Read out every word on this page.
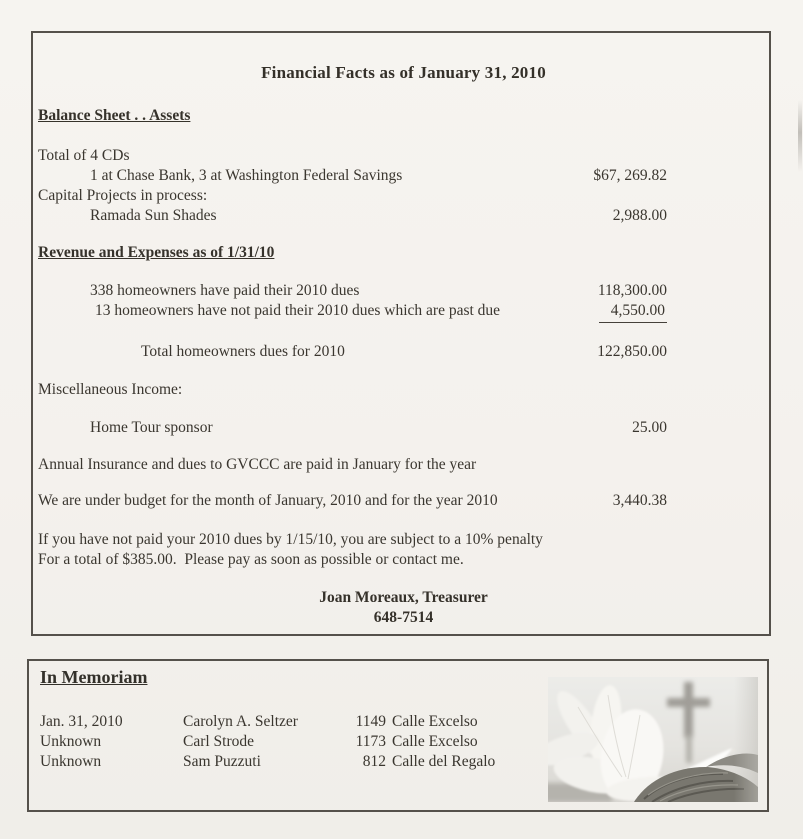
Financial Facts as of January 31, 2010
Balance Sheet . . Assets
Total of 4 CDs
1 at Chase Bank, 3 at Washington Federal Savings	$67, 269.82
Capital Projects in process:
Ramada Sun Shades	2,988.00
Revenue and Expenses as of 1/31/10
338 homeowners have paid their 2010 dues	118,300.00
13 homeowners have not paid their 2010 dues which are past due	4,550.00
Total homeowners dues for 2010	122,850.00
Miscellaneous Income:
Home Tour sponsor	25.00
Annual Insurance and dues to GVCCC are paid in January for the year
We are under budget for the month of January, 2010 and for the year 2010	3,440.38
If you have not paid your 2010 dues by 1/15/10, you are subject to a 10% penalty
For a total of $385.00.  Please pay as soon as possible or contact me.
Joan Moreaux, Treasurer
648-7514
In Memoriam
Jan. 31, 2010	Carolyn A. Seltzer	1149 Calle Excelso
Unknown	Carl Strode	1173 Calle Excelso
Unknown	Sam Puzzuti	812 Calle del Regalo
